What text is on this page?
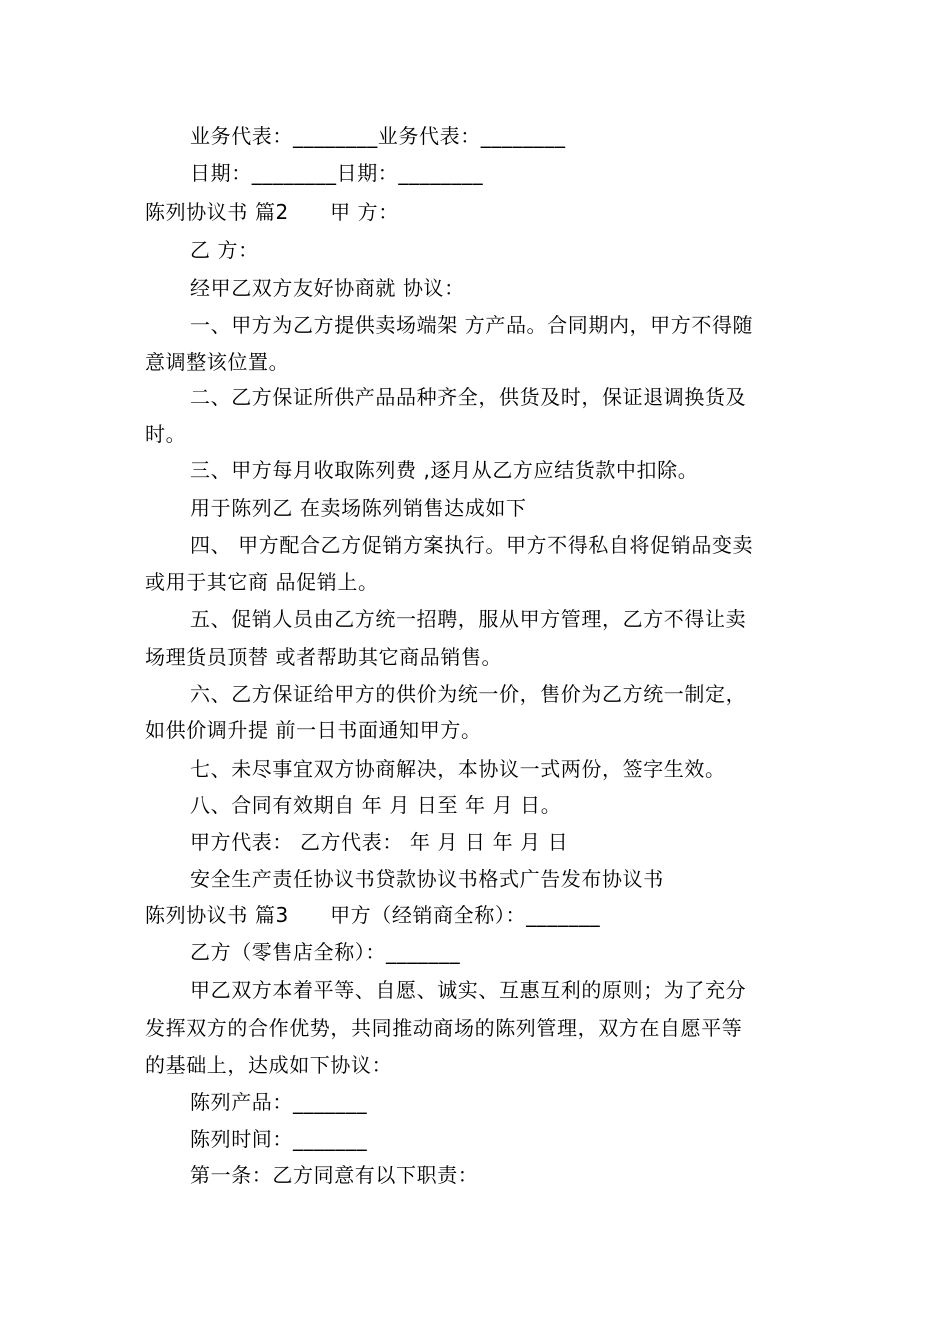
业务代表：________业务代表：________
日期：________日期：________
陈列协议书 篇2　　甲 方：
乙 方：
经甲乙双方友好协商就 协议：
一、甲方为乙方提供卖场端架 方产品。合同期内，甲方不得随
意调整该位置。
二、乙方保证所供产品品种齐全，供货及时，保证退调换货及
时。
三、甲方每月收取陈列费 ,逐月从乙方应结货款中扣除。
用于陈列乙 在卖场陈列销售达成如下
四、 甲方配合乙方促销方案执行。甲方不得私自将促销品变卖
或用于其它商 品促销上。
五、促销人员由乙方统一招聘，服从甲方管理，乙方不得让卖
场理货员顶替 或者帮助其它商品销售。
六、乙方保证给甲方的供价为统一价，售价为乙方统一制定，
如供价调升提 前一日书面通知甲方。
七、未尽事宜双方协商解决，本协议一式两份，签字生效。
八、合同有效期自 年 月 日至 年 月 日。
甲方代表： 乙方代表： 年 月 日 年 月 日
安全生产责任协议书贷款协议书格式广告发布协议书
陈列协议书 篇3　　甲方（经销商全称）：_______
乙方（零售店全称）：_______
甲乙双方本着平等、自愿、诚实、互惠互利的原则；为了充分
发挥双方的合作优势，共同推动商场的陈列管理，双方在自愿平等
的基础上，达成如下协议：
陈列产品：_______
陈列时间：_______
第一条：乙方同意有以下职责：
